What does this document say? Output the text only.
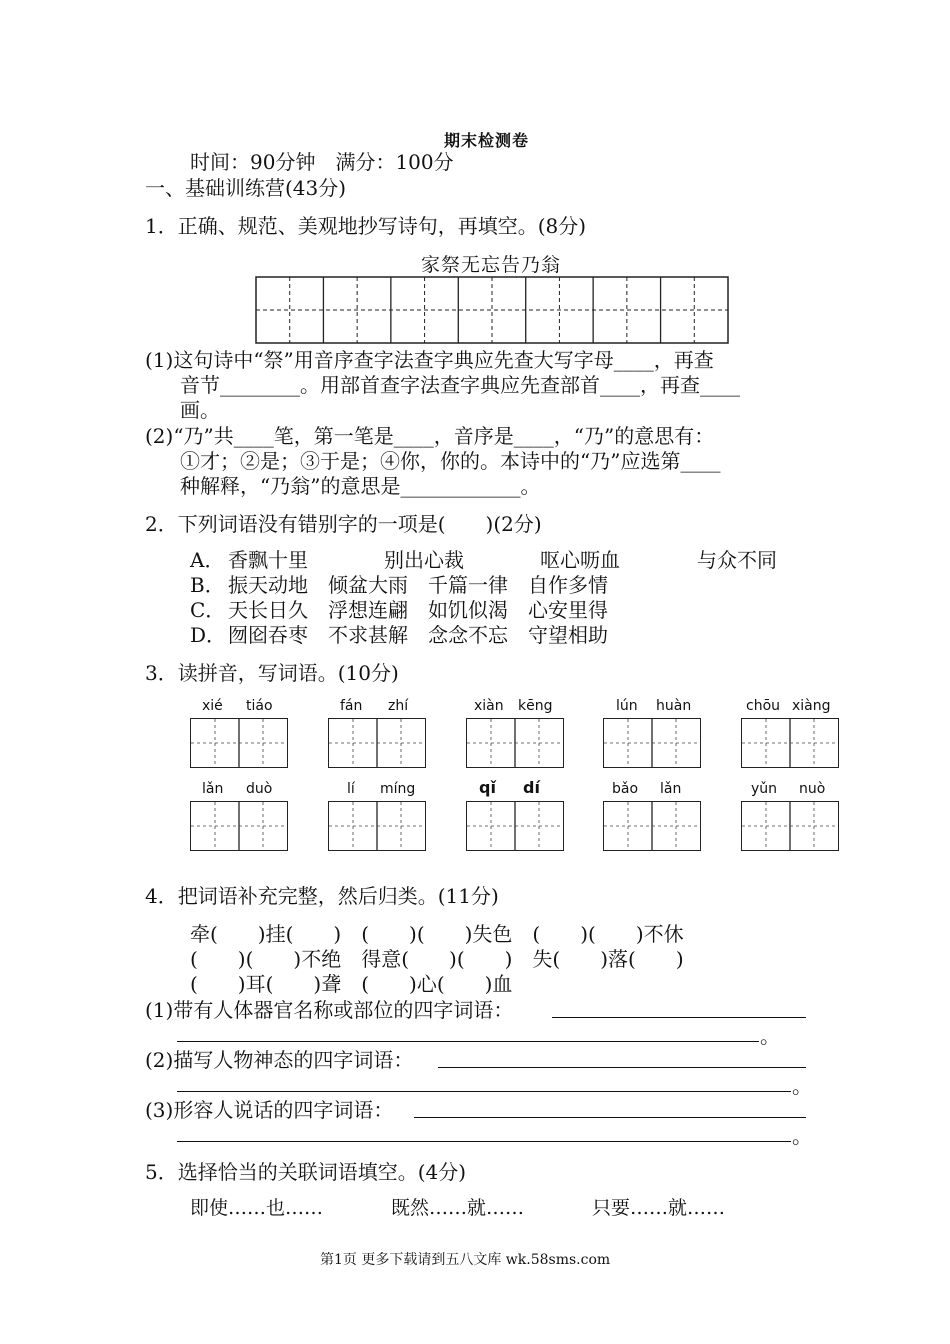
期末检测卷
时间：90分钟　满分：100分
一、基础训练营(43分)
1．正确、规范、美观地抄写诗句，再填空。(8分)
家祭无忘告乃翁
(1)这句诗中“祭”用音序查字法查字典应先查大写字母____，再查
音节________。用部首查字法查字典应先查部首____，再查____
画。
(2)“乃”共____笔，第一笔是____，音序是____，“乃”的意思有：
①才；②是；③于是；④你，你的。本诗中的“乃”应选第____
种解释，“乃翁”的意思是____________。
2．下列词语没有错别字的一项是(　　)(2分)
A． 香飘十里	别出心裁	呕心呖血	与众不同
B． 振天动地 倾盆大雨 千篇一律 自作多情
C． 天长日久 浮想连翩 如饥似渴 心安里得
D． 囫囵吞枣 不求甚解 念念不忘 守望相助
3．读拼音，写词语。(10分)
xié tiáo	fán zhí	xiàn kēng	lún huàn	chōu xiàng
lǎn duò	lí míng	qǐ dí	bǎo lǎn	yǔn nuò
4．把词语补充完整，然后归类。(11分)
牵(　　)挂(　　)　(　　)(　　)失色　(　　)(　　)不休
(　　)(　　)不绝　得意(　　)(　　)　失(　　)落(　　)
(　　)耳(　　)聋　(　　)心(　　)血
(1)带有人体器官名称或部位的四字词语：
。
(2)描写人物神态的四字词语：
。
(3)形容人说话的四字词语：
。
5．选择恰当的关联词语填空。(4分)
即使……也……	既然……就……	只要……就……
第1页 更多下载请到五八文库 wk.58sms.com
